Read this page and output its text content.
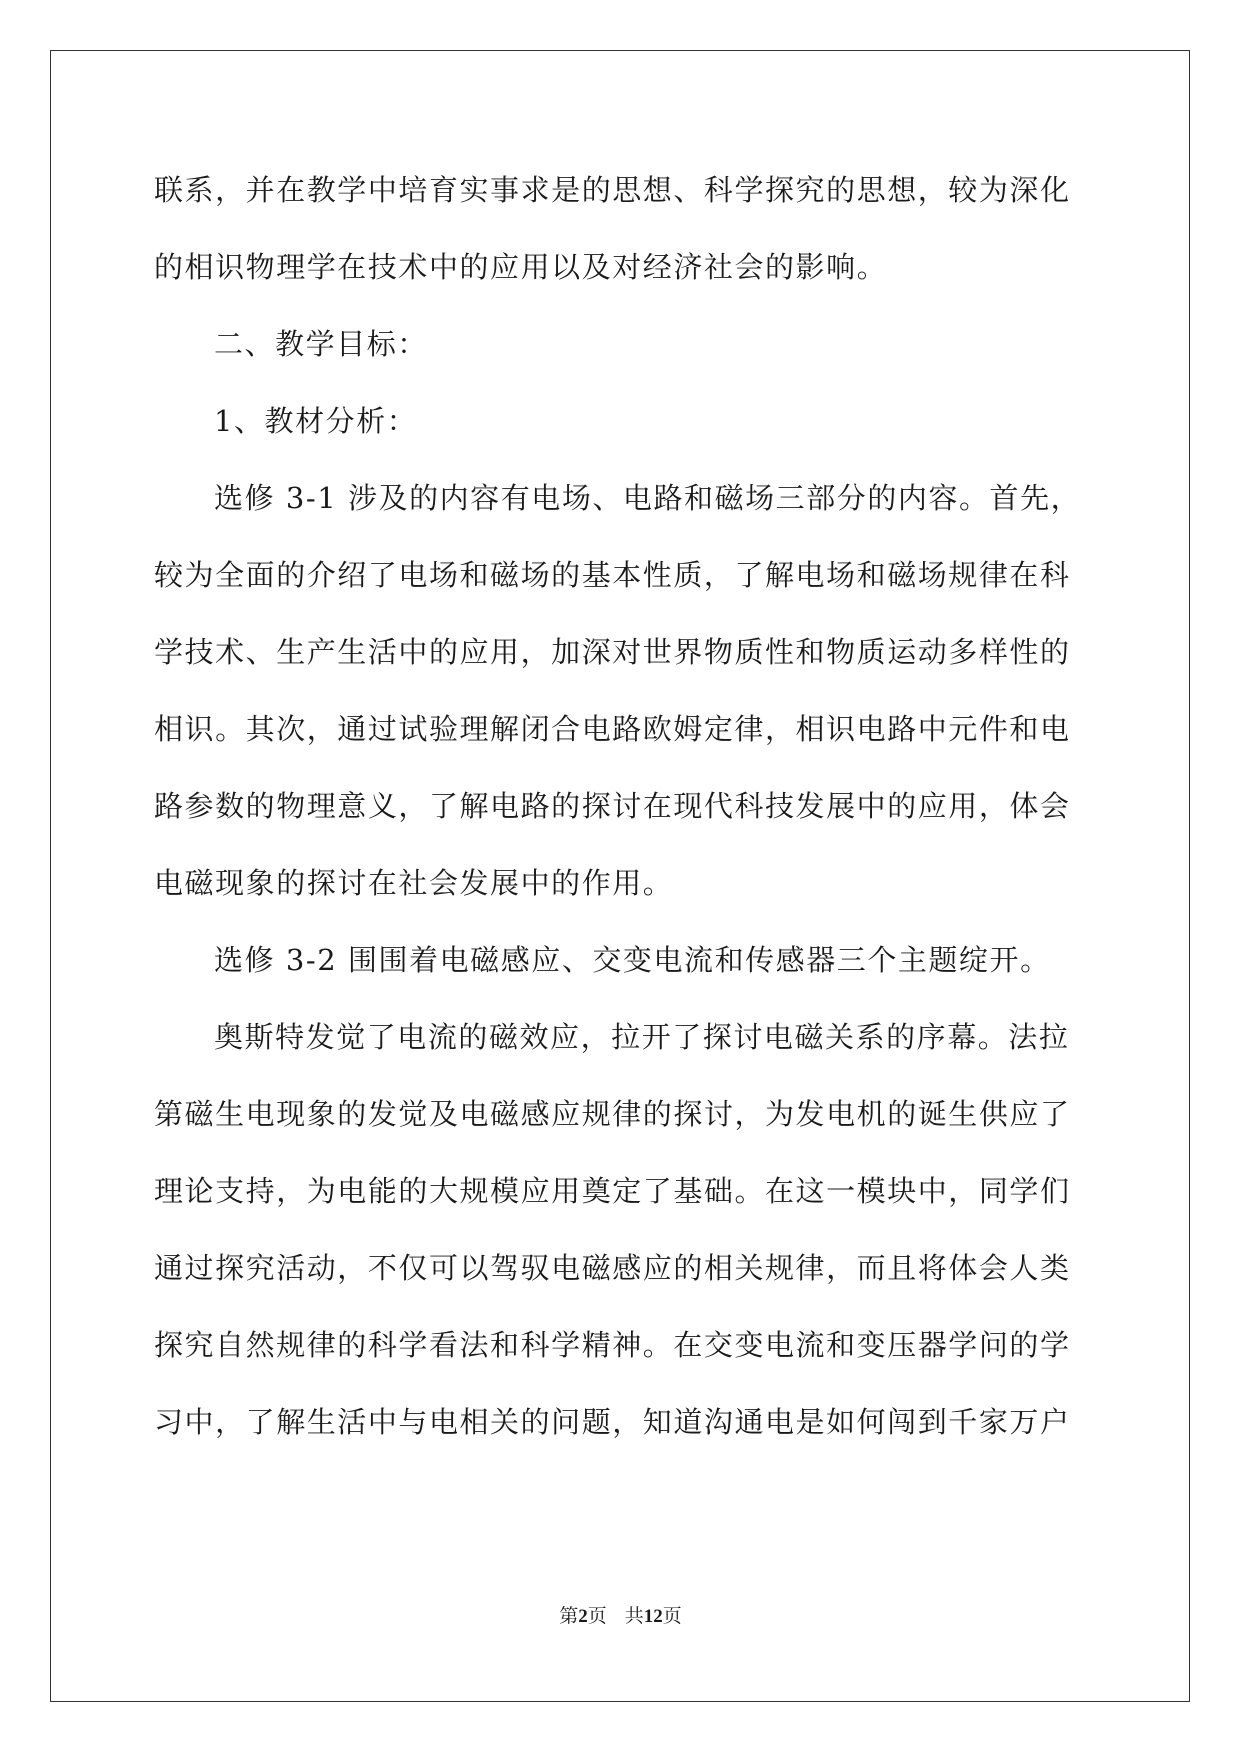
联系，并在教学中培育实事求是的思想、科学探究的思想，较为深化
的相识物理学在技术中的应用以及对经济社会的影响。
二、教学目标：
1、教材分析：
选修 3-1 涉及的内容有电场、电路和磁场三部分的内容。首先，
较为全面的介绍了电场和磁场的基本性质，了解电场和磁场规律在科
学技术、生产生活中的应用，加深对世界物质性和物质运动多样性的
相识。其次，通过试验理解闭合电路欧姆定律，相识电路中元件和电
路参数的物理意义，了解电路的探讨在现代科技发展中的应用，体会
电磁现象的探讨在社会发展中的作用。
选修 3-2 围围着电磁感应、交变电流和传感器三个主题绽开。
奥斯特发觉了电流的磁效应，拉开了探讨电磁关系的序幕。法拉
第磁生电现象的发觉及电磁感应规律的探讨，为发电机的诞生供应了
理论支持，为电能的大规模应用奠定了基础。在这一模块中，同学们
通过探究活动，不仅可以驾驭电磁感应的相关规律，而且将体会人类
探究自然规律的科学看法和科学精神。在交变电流和变压器学问的学
习中，了解生活中与电相关的问题，知道沟通电是如何闯到千家万户
第2页 共12页
